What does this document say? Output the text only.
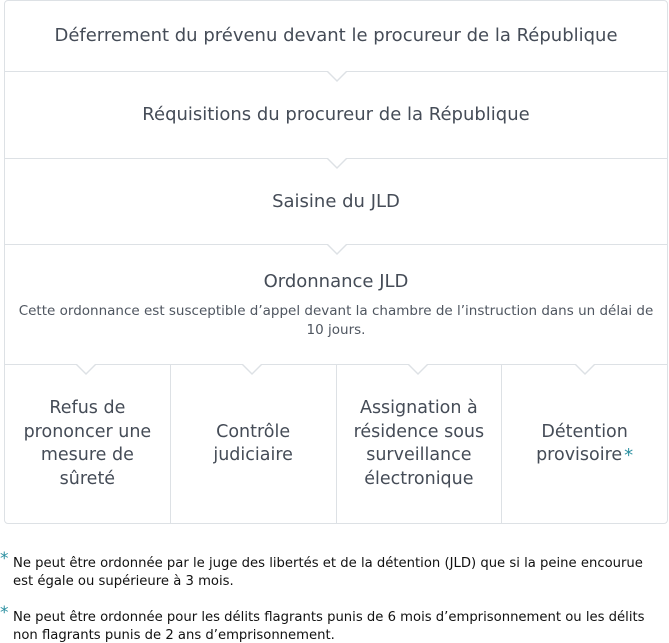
Déferrement du prévenu devant le procureur de la République
Réquisitions du procureur de la République
Saisine du JLD
Ordonnance JLD
Cette ordonnance est susceptible d’appel devant la chambre de l’instruction dans un délai de 10 jours.
Refus de prononcer une mesure de sûreté
Contrôle judiciaire
Assignation à résidence sous surveillance électronique
Détention provisoire *
* Ne peut être ordonnée par le juge des libertés et de la détention (JLD) que si la peine encourue est égale ou supérieure à 3 mois.
* Ne peut être ordonnée pour les délits flagrants punis de 6 mois d’emprisonnement ou les délits non flagrants punis de 2 ans d’emprisonnement.
